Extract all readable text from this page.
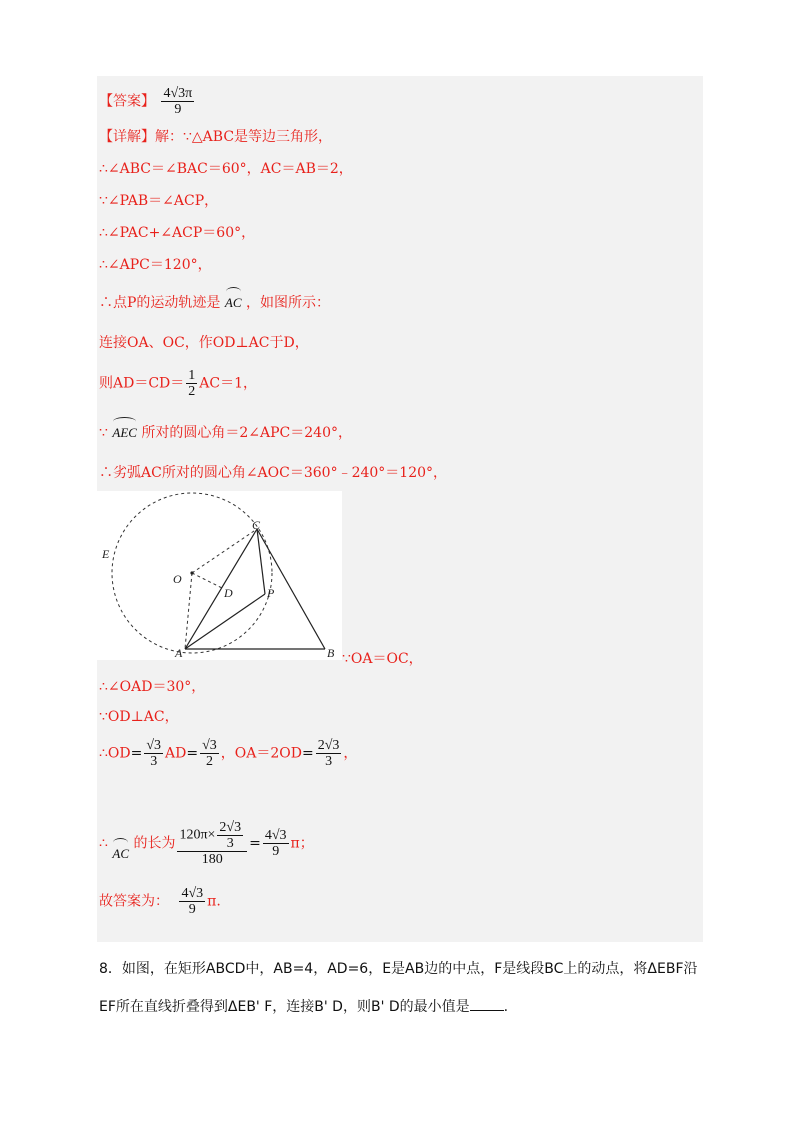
【答案】 $\frac{4√3\pi}{9}$
【详解】解：∵△ABC是等边三角形，
∴∠ABC＝∠BAC＝60°，AC＝AB＝2，
∵∠PAB＝∠ACP，
∴∠PAC+∠ACP＝60°，
∴∠APC＝120°，
∴点P的运动轨迹是 AC ，如图所示：
连接OA、OC，作OD⊥AC于D，
则$AD=CD= \frac{1}{2} AC=1$，
∵ AEC 所对的圆心角＝2∠APC＝240°，
∴劣弧AC所对的圆心角∠AOC＝360°﹣240°＝120°，
C
E
O
D	P
A	B ∵OA＝OC，
∴∠OAD＝30°，
∵OD⊥AC，
∴OD= $\frac{√3}{3} AD= \frac{√3}{2}$ ，$OA=2OD= \frac{2√3}{3}$ ，
∴ AC 的长为 $\frac{120\pi\times \frac{2√3}{3}}{180} = \frac{4√3}{9}$ π；
故答案为： $\frac{4√3}{9} \pi$.
8．如图，在矩形ABCD中，AB=4，AD=6，E是AB边的中点，F是线段BC上的动点，将ΔEBF沿
EF所在直线折叠得到ΔEB' F，连接B' D，则B' D的最小值是 .
